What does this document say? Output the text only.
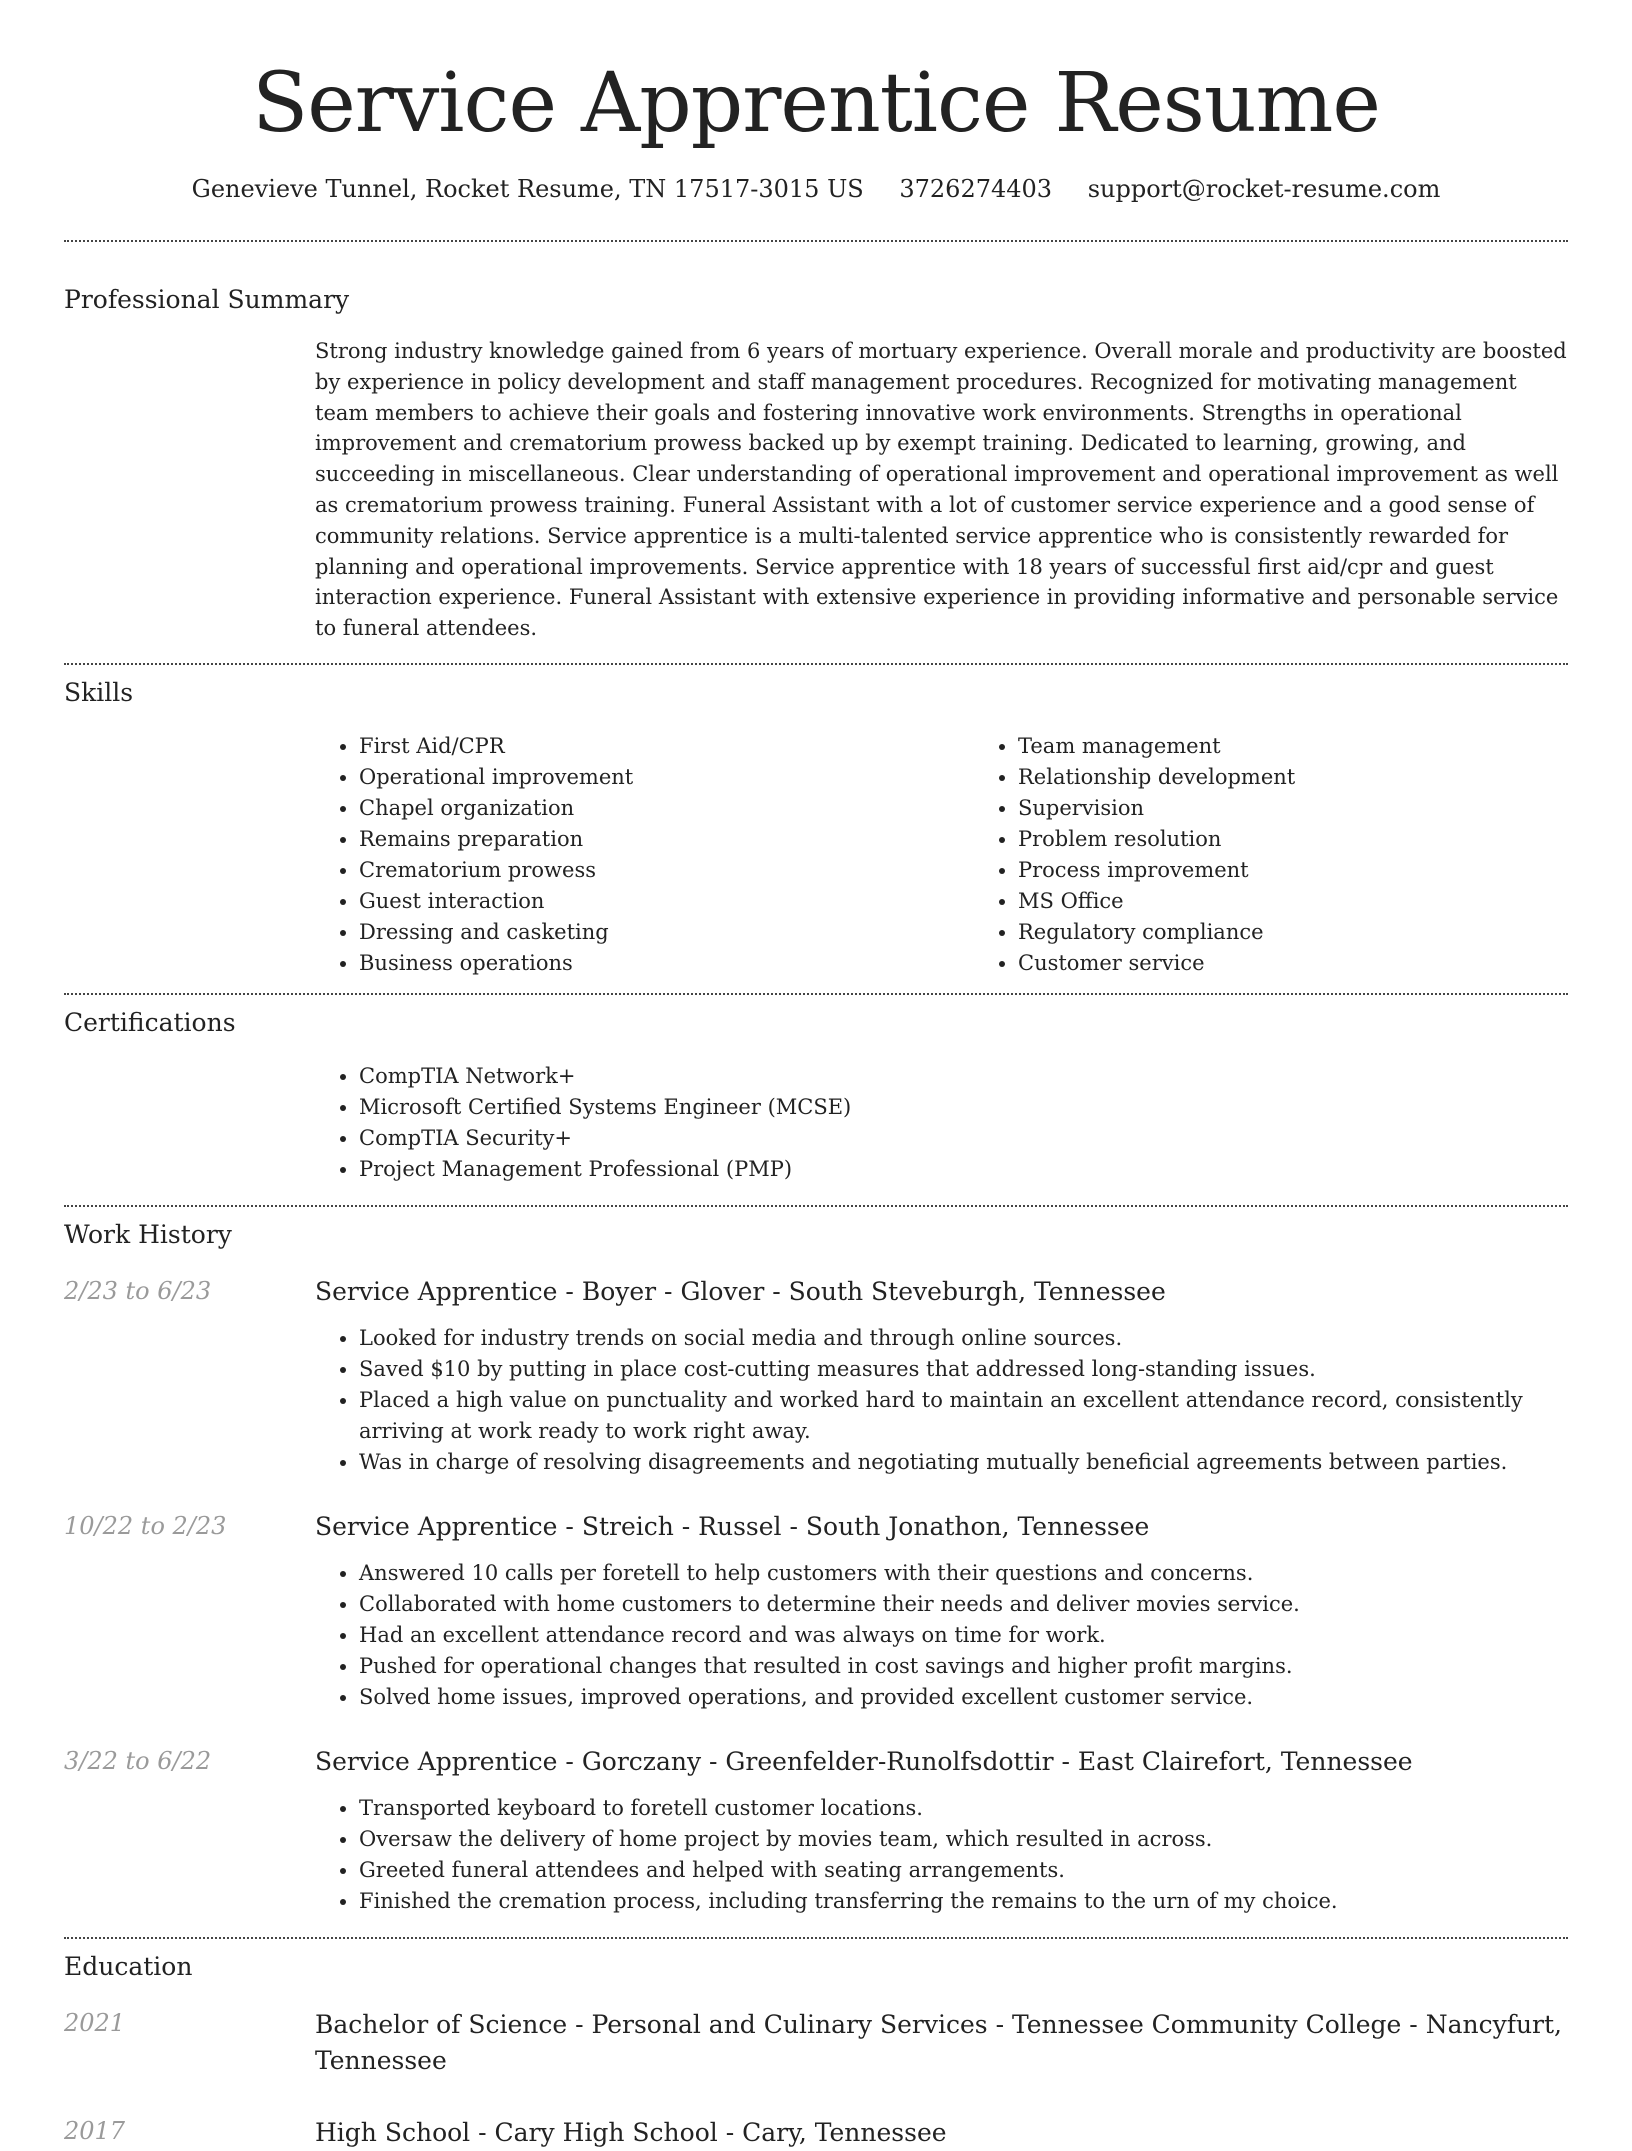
Service Apprentice Resume
Genevieve Tunnel, Rocket Resume, TN 17517-3015 US 3726274403 support@rocket-resume.com
Professional Summary

Strong industry knowledge gained from 6 years of mortuary experience. Overall morale and productivity are boosted by experience in policy development and staff management procedures. Recognized for motivating management team members to achieve their goals and fostering innovative work environments. Strengths in operational improvement and crematorium prowess backed up by exempt training. Dedicated to learning, growing, and succeeding in miscellaneous. Clear understanding of operational improvement and operational improvement as well as crematorium prowess training. Funeral Assistant with a lot of customer service experience and a good sense of community relations. Service apprentice is a multi-talented service apprentice who is consistently rewarded for planning and operational improvements. Service apprentice with 18 years of successful first aid/cpr and guest interaction experience. Funeral Assistant with extensive experience in providing informative and personable service to funeral attendees.

Skills
• First Aid/CPR
• Operational improvement
• Chapel organization
• Remains preparation
• Crematorium prowess
• Guest interaction
• Dressing and casketing
• Business operations
• Team management
• Relationship development
• Supervision
• Problem resolution
• Process improvement
• MS Office
• Regulatory compliance
• Customer service
Certifications
• CompTIA Network+
• Microsoft Certified Systems Engineer (MCSE)
• CompTIA Security+
• Project Management Professional (PMP)
Work History
2/23 to 6/23	Service Apprentice - Boyer - Glover - South Steveburgh, Tennessee
• Looked for industry trends on social media and through online sources.
• Saved $10 by putting in place cost-cutting measures that addressed long-standing issues.
• Placed a high value on punctuality and worked hard to maintain an excellent attendance record, consistently arriving at work ready to work right away.
• Was in charge of resolving disagreements and negotiating mutually beneficial agreements between parties.
10/22 to 2/23	Service Apprentice - Streich - Russel - South Jonathon, Tennessee
• Answered 10 calls per foretell to help customers with their questions and concerns.
• Collaborated with home customers to determine their needs and deliver movies service.
• Had an excellent attendance record and was always on time for work.
• Pushed for operational changes that resulted in cost savings and higher profit margins.
• Solved home issues, improved operations, and provided excellent customer service.
3/22 to 6/22	Service Apprentice - Gorczany - Greenfelder-Runolfsdottir - East Clairefort, Tennessee
• Transported keyboard to foretell customer locations.
• Oversaw the delivery of home project by movies team, which resulted in across.
• Greeted funeral attendees and helped with seating arrangements.
• Finished the cremation process, including transferring the remains to the urn of my choice.
Education
2021	Bachelor of Science - Personal and Culinary Services - Tennessee Community College - Nancyfurt, Tennessee
2017	High School - Cary High School - Cary, Tennessee
